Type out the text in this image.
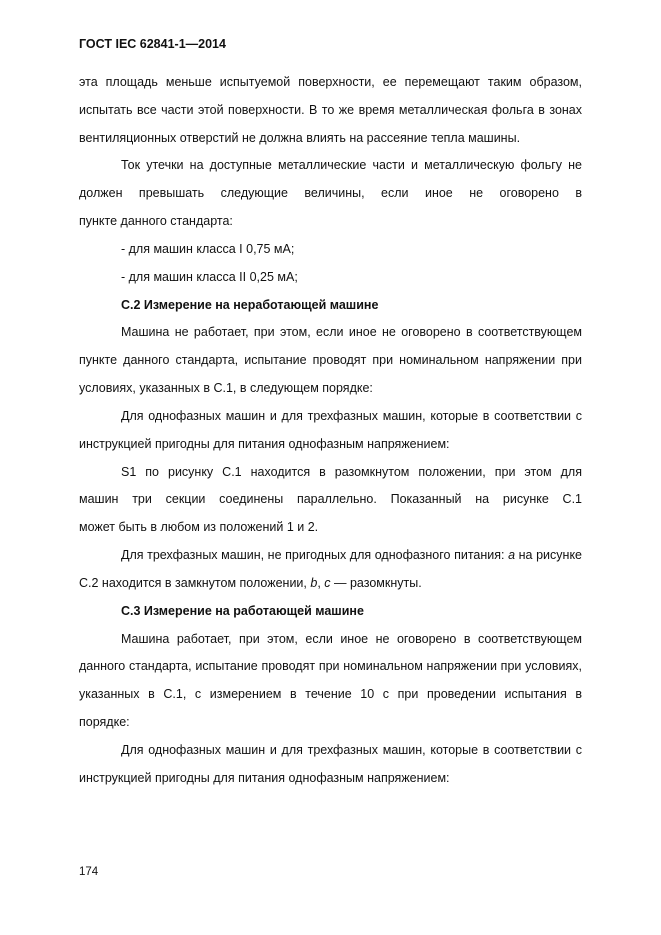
ГОСТ IEC 62841-1—2014
эта площадь меньше испытуемой поверхности, ее перемещают таким образом,
испытать все части этой поверхности. В то же время металлическая фольга в зонах
вентиляционных отверстий не должна влиять на рассеяние тепла машины.
Ток утечки на доступные металлические части и металлическую фольгу не
должен превышать следующие величины, если иное не оговорено в
пункте данного стандарта:
- для машин класса I 0,75 мА;
- для машин класса II 0,25 мА;
С.2 Измерение на неработающей машине
Машина не работает, при этом, если иное не оговорено в соответствующем
пункте данного стандарта, испытание проводят при номинальном напряжении при
условиях, указанных в С.1, в следующем порядке:
Для однофазных машин и для трехфазных машин, которые в соответствии с
инструкцией пригодны для питания однофазным напряжением:
S1 по рисунку С.1 находится в разомкнутом положении, при этом для
машин три секции соединены параллельно. Показанный на рисунке С.1
может быть в любом из положений 1 и 2.
Для трехфазных машин, не пригодных для однофазного питания: a на рисунке
С.2 находится в замкнутом положении, b, c — разомкнуты.
С.3 Измерение на работающей машине
Машина работает, при этом, если иное не оговорено в соответствующем
данного стандарта, испытание проводят при номинальном напряжении при условиях,
указанных в С.1, с измерением в течение 10 с при проведении испытания в
порядке:
Для однофазных машин и для трехфазных машин, которые в соответствии с
инструкцией пригодны для питания однофазным напряжением:
174
